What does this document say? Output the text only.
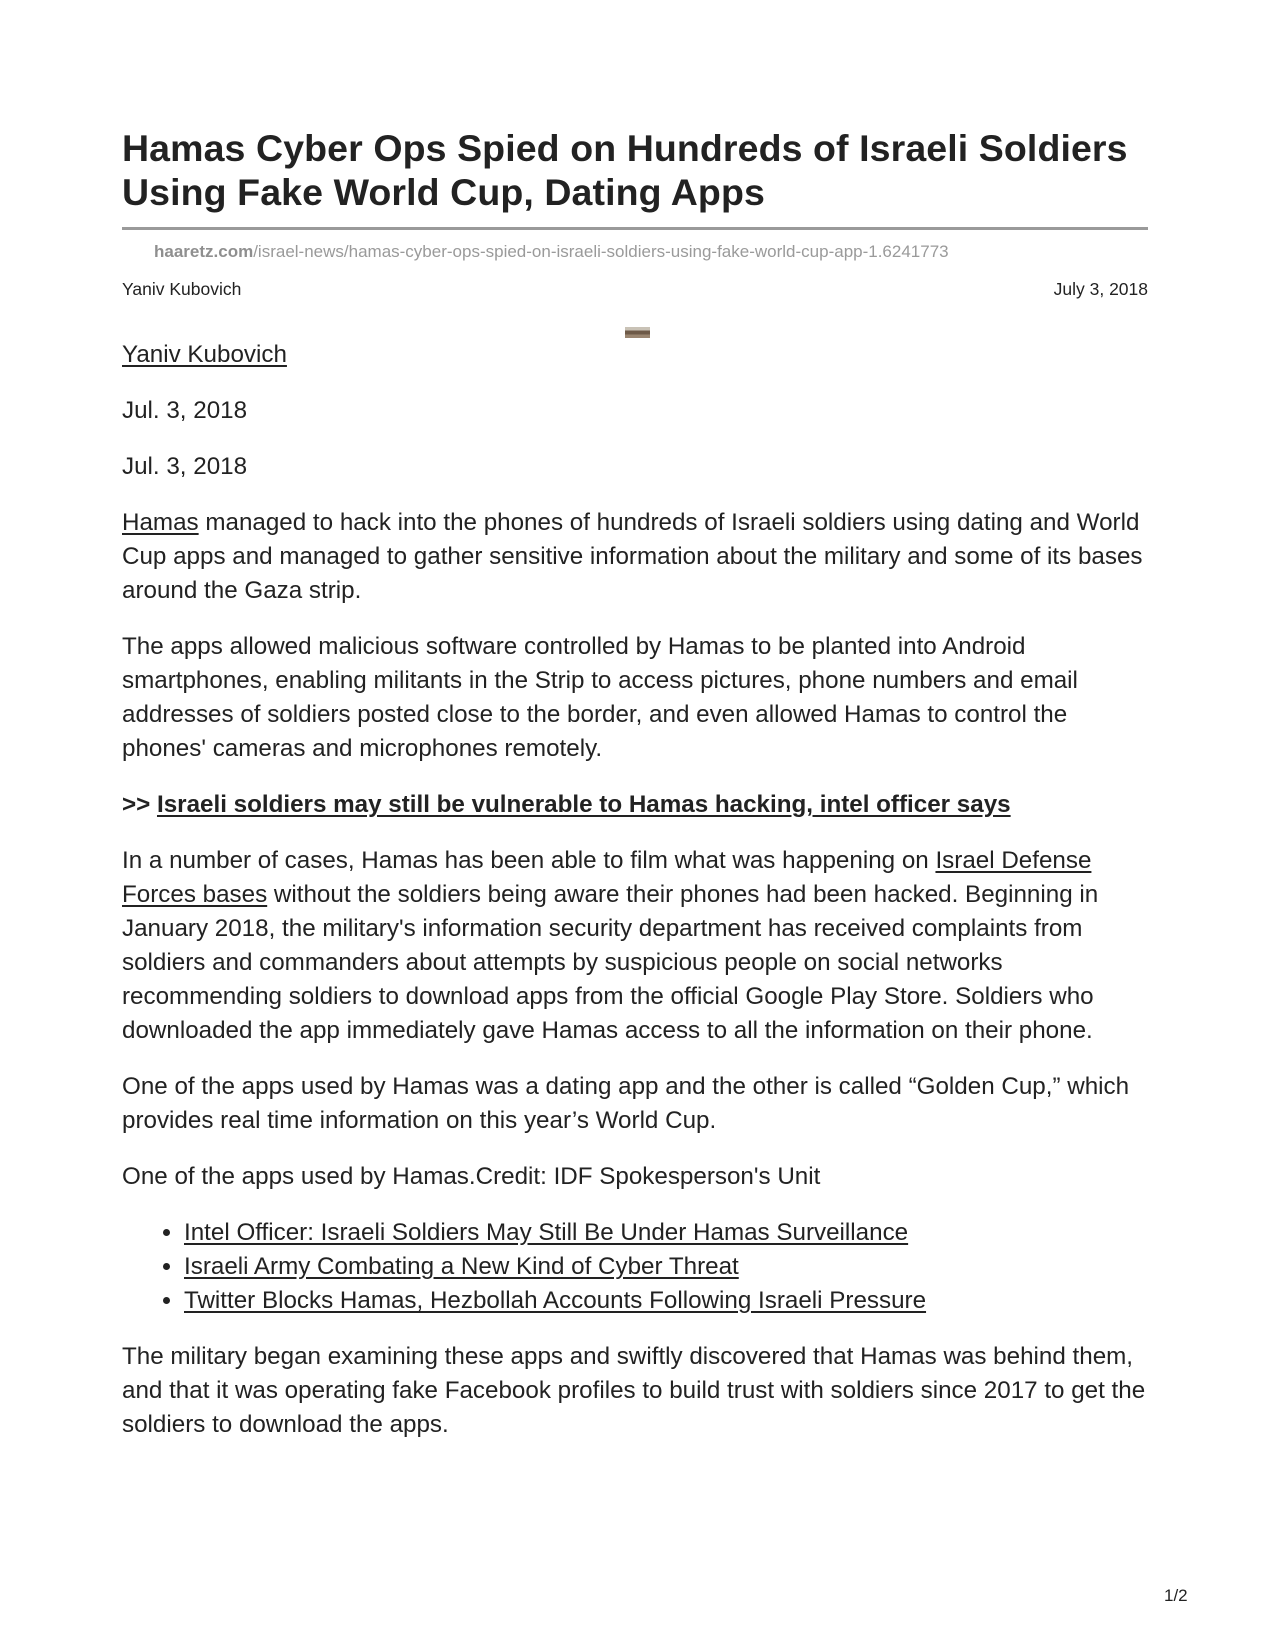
Hamas Cyber Ops Spied on Hundreds of Israeli Soldiers Using Fake World Cup, Dating Apps
haaretz.com/israel-news/hamas-cyber-ops-spied-on-israeli-soldiers-using-fake-world-cup-app-1.6241773
Yaniv Kubovich	July 3, 2018

Yaniv Kubovich

Jul. 3, 2018

Jul. 3, 2018

Hamas managed to hack into the phones of hundreds of Israeli soldiers using dating and World Cup apps and managed to gather sensitive information about the military and some of its bases around the Gaza strip.

The apps allowed malicious software controlled by Hamas to be planted into Android smartphones, enabling militants in the Strip to access pictures, phone numbers and email addresses of soldiers posted close to the border, and even allowed Hamas to control the phones' cameras and microphones remotely.

>> Israeli soldiers may still be vulnerable to Hamas hacking, intel officer says

In a number of cases, Hamas has been able to film what was happening on Israel Defense Forces bases without the soldiers being aware their phones had been hacked. Beginning in January 2018, the military's information security department has received complaints from soldiers and commanders about attempts by suspicious people on social networks recommending soldiers to download apps from the official Google Play Store. Soldiers who downloaded the app immediately gave Hamas access to all the information on their phone.

One of the apps used by Hamas was a dating app and the other is called “Golden Cup,” which provides real time information on this year’s World Cup.

One of the apps used by Hamas.Credit: IDF Spokesperson's Unit

• Intel Officer: Israeli Soldiers May Still Be Under Hamas Surveillance
• Israeli Army Combating a New Kind of Cyber Threat
• Twitter Blocks Hamas, Hezbollah Accounts Following Israeli Pressure

The military began examining these apps and swiftly discovered that Hamas was behind them, and that it was operating fake Facebook profiles to build trust with soldiers since 2017 to get the soldiers to download the apps.

1/2
